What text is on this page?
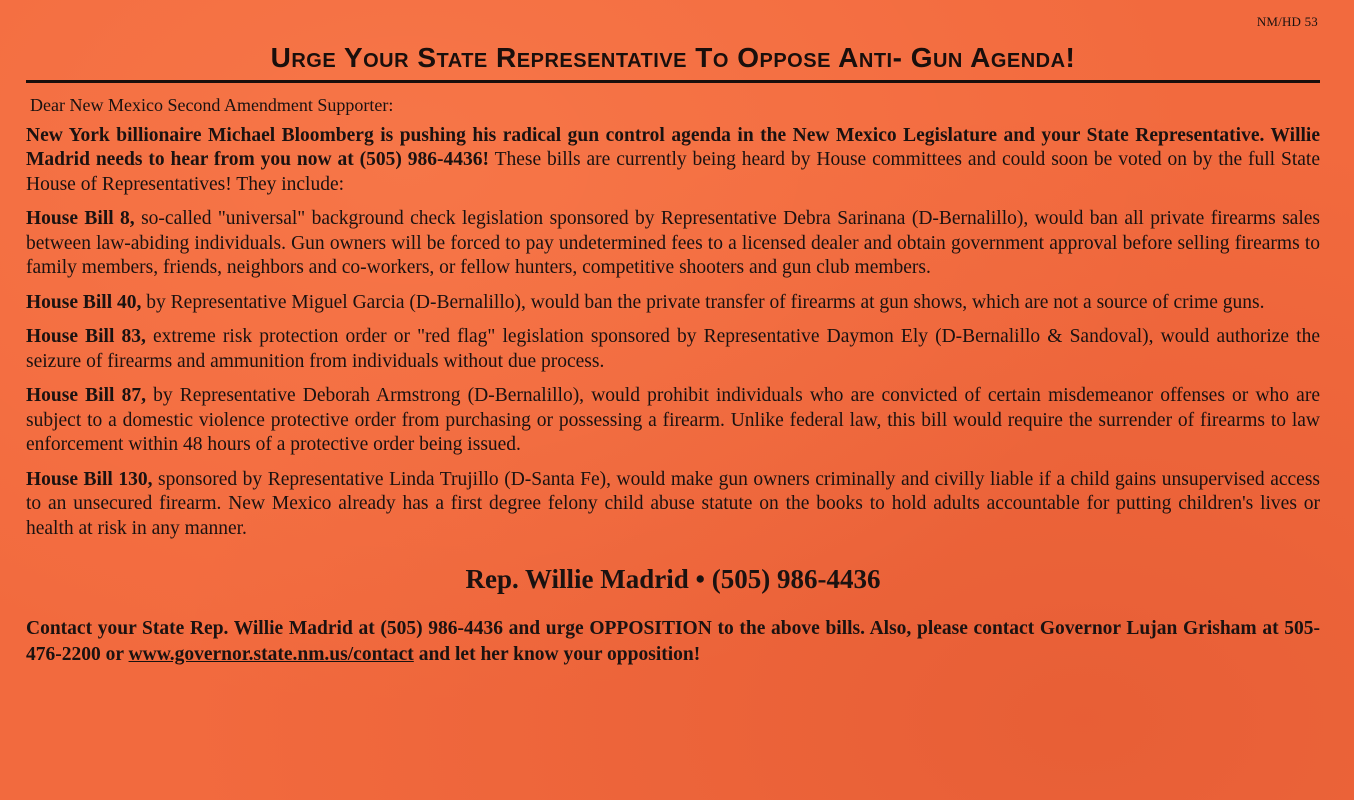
NM/HD 53
Urge Your State Representative To Oppose Anti- Gun Agenda!
Dear New Mexico Second Amendment Supporter:

New York billionaire Michael Bloomberg is pushing his radical gun control agenda in the New Mexico Legislature and your State Representative. Willie Madrid needs to hear from you now at (505) 986-4436! These bills are currently being heard by House committees and could soon be voted on by the full State House of Representatives! They include:

House Bill 8, so-called "universal" background check legislation sponsored by Representative Debra Sarinana (D-Bernalillo), would ban all private firearms sales between law-abiding individuals. Gun owners will be forced to pay undetermined fees to a licensed dealer and obtain government approval before selling firearms to family members, friends, neighbors and co-workers, or fellow hunters, competitive shooters and gun club members.

House Bill 40, by Representative Miguel Garcia (D-Bernalillo), would ban the private transfer of firearms at gun shows, which are not a source of crime guns.

House Bill 83, extreme risk protection order or "red flag" legislation sponsored by Representative Daymon Ely (D-Bernalillo & Sandoval), would authorize the seizure of firearms and ammunition from individuals without due process.

House Bill 87, by Representative Deborah Armstrong (D-Bernalillo), would prohibit individuals who are convicted of certain misdemeanor offenses or who are subject to a domestic violence protective order from purchasing or possessing a firearm. Unlike federal law, this bill would require the surrender of firearms to law enforcement within 48 hours of a protective order being issued.

House Bill 130, sponsored by Representative Linda Trujillo (D-Santa Fe), would make gun owners criminally and civilly liable if a child gains unsupervised access to an unsecured firearm. New Mexico already has a first degree felony child abuse statute on the books to hold adults accountable for putting children's lives or health at risk in any manner.

Rep. Willie Madrid • (505) 986-4436

Contact your State Rep. Willie Madrid at (505) 986-4436 and urge OPPOSITION to the above bills. Also, please contact Governor Lujan Grisham at 505-476-2200 or www.governor.state.nm.us/contact and let her know your opposition!
